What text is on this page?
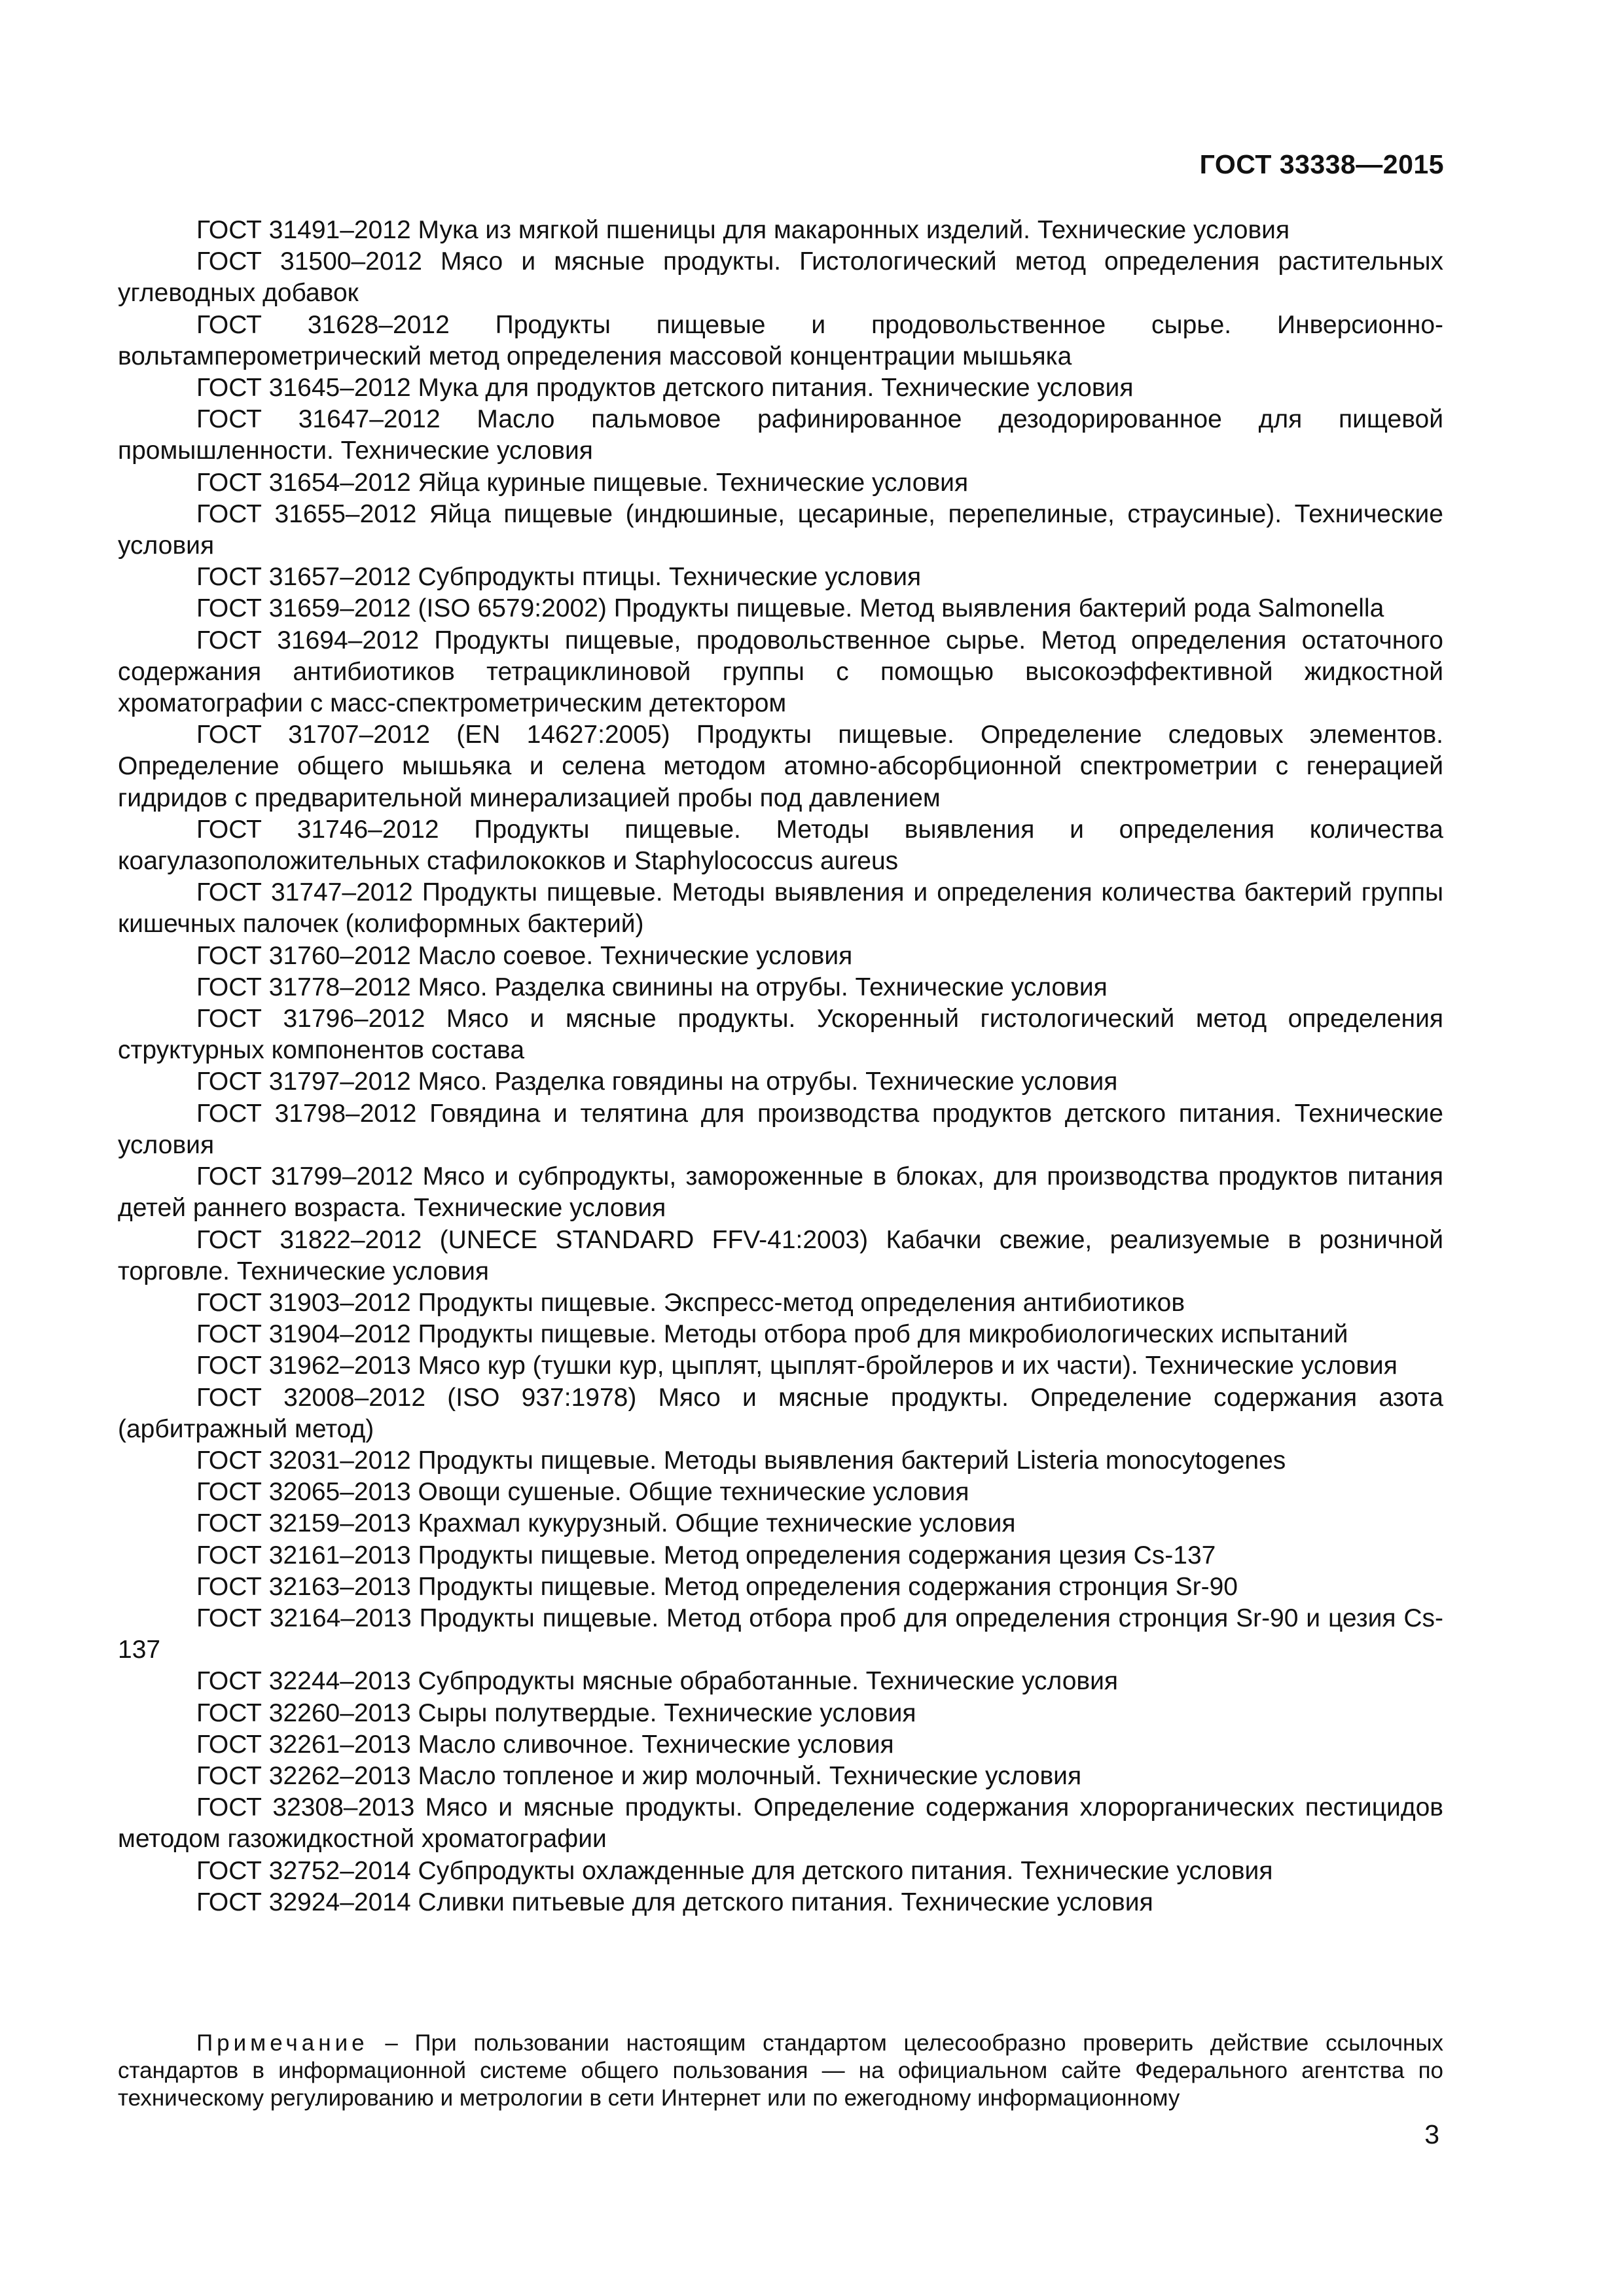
ГОСТ 33338—2015

ГОСТ 31491–2012 Мука из мягкой пшеницы для макаронных изделий. Технические условия

ГОСТ 31500–2012 Мясо и мясные продукты. Гистологический метод определения растительных углеводных добавок

ГОСТ 31628–2012 Продукты пищевые и продовольственное сырье. Инверсионно-вольтамперометрический метод определения массовой концентрации мышьяка

ГОСТ 31645–2012 Мука для продуктов детского питания. Технические условия

ГОСТ 31647–2012 Масло пальмовое рафинированное дезодорированное для пищевой промышленности. Технические условия

ГОСТ 31654–2012 Яйца куриные пищевые. Технические условия

ГОСТ 31655–2012 Яйца пищевые (индюшиные, цесариные, перепелиные, страусиные). Технические условия

ГОСТ 31657–2012 Субпродукты птицы. Технические условия

ГОСТ 31659–2012 (ISO 6579:2002) Продукты пищевые. Метод выявления бактерий рода Salmonella

ГОСТ 31694–2012 Продукты пищевые, продовольственное сырье. Метод определения остаточного содержания антибиотиков тетрациклиновой группы с помощью высокоэффективной жидкостной хроматографии с масс-спектрометрическим детектором

ГОСТ 31707–2012 (EN 14627:2005) Продукты пищевые. Определение следовых элементов. Определение общего мышьяка и селена методом атомно-абсорбционной спектрометрии с генерацией гидридов с предварительной минерализацией пробы под давлением

ГОСТ 31746–2012 Продукты пищевые. Методы выявления и определения количества коагулазоположительных стафилококков и Staphylococcus aureus

ГОСТ 31747–2012 Продукты пищевые. Методы выявления и определения количества бактерий группы кишечных палочек (колиформных бактерий)

ГОСТ 31760–2012 Масло соевое. Технические условия

ГОСТ 31778–2012 Мясо. Разделка свинины на отрубы. Технические условия

ГОСТ 31796–2012 Мясо и мясные продукты. Ускоренный гистологический метод определения структурных компонентов состава

ГОСТ 31797–2012 Мясо. Разделка говядины на отрубы. Технические условия

ГОСТ 31798–2012 Говядина и телятина для производства продуктов детского питания. Технические условия

ГОСТ 31799–2012 Мясо и субпродукты, замороженные в блоках, для производства продуктов питания детей раннего возраста. Технические условия

ГОСТ 31822–2012 (UNECE STANDARD FFV-41:2003) Кабачки свежие, реализуемые в розничной торговле. Технические условия

ГОСТ 31903–2012 Продукты пищевые. Экспресс-метод определения антибиотиков

ГОСТ 31904–2012 Продукты пищевые. Методы отбора проб для микробиологических испытаний

ГОСТ 31962–2013 Мясо кур (тушки кур, цыплят, цыплят-бройлеров и их части). Технические условия

ГОСТ 32008–2012 (ISO 937:1978) Мясо и мясные продукты. Определение содержания азота (арбитражный метод)

ГОСТ 32031–2012 Продукты пищевые. Методы выявления бактерий Listeria monocytogenes

ГОСТ 32065–2013 Овощи сушеные. Общие технические условия

ГОСТ 32159–2013 Крахмал кукурузный. Общие технические условия

ГОСТ 32161–2013 Продукты пищевые. Метод определения содержания цезия Cs-137

ГОСТ 32163–2013 Продукты пищевые. Метод определения содержания стронция Sr-90

ГОСТ 32164–2013 Продукты пищевые. Метод отбора проб для определения стронция Sr-90 и цезия Cs-137

ГОСТ 32244–2013 Субпродукты мясные обработанные. Технические условия

ГОСТ 32260–2013 Сыры полутвердые. Технические условия

ГОСТ 32261–2013 Масло сливочное. Технические условия

ГОСТ 32262–2013 Масло топленое и жир молочный. Технические условия

ГОСТ 32308–2013 Мясо и мясные продукты. Определение содержания хлорорганических пестицидов методом газожидкостной хроматографии

ГОСТ 32752–2014 Субпродукты охлажденные для детского питания. Технические условия

ГОСТ 32924–2014 Сливки питьевые для детского питания. Технические условия

Примечание – При пользовании настоящим стандартом целесообразно проверить действие ссылочных стандартов в информационной системе общего пользования — на официальном сайте Федерального агентства по техническому регулированию и метрологии в сети Интернет или по ежегодному информационному

3
